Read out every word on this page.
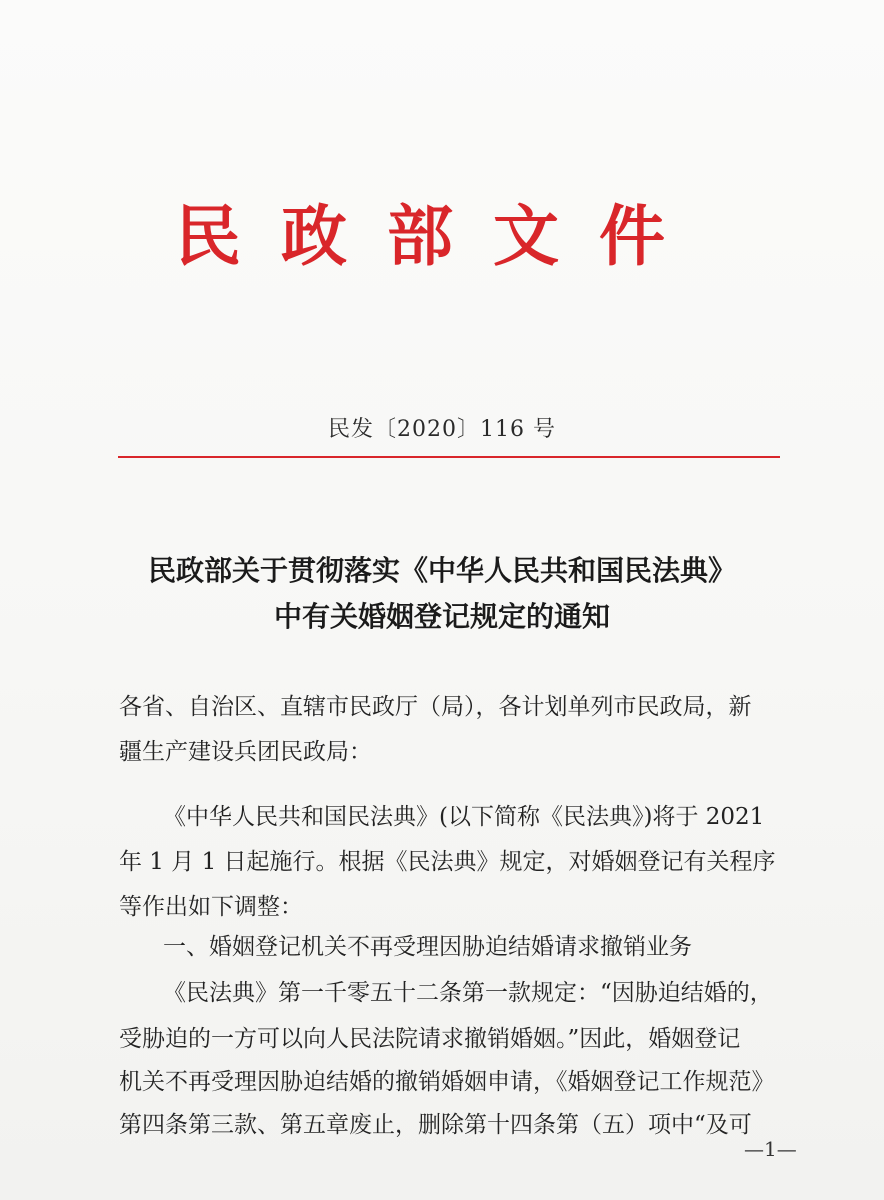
民政部文件
民发〔2020〕116 号
民政部关于贯彻落实《中华人民共和国民法典》
中有关婚姻登记规定的通知
各省、自治区、直辖市民政厅（局），各计划单列市民政局，新
疆生产建设兵团民政局：
《中华人民共和国民法典》(以下简称《民法典》)将于 2021
年 1 月 1 日起施行。根据《民法典》规定，对婚姻登记有关程序
等作出如下调整：
一、婚姻登记机关不再受理因胁迫结婚请求撤销业务
《民法典》第一千零五十二条第一款规定：“因胁迫结婚的，
受胁迫的一方可以向人民法院请求撤销婚姻。”因此，婚姻登记
机关不再受理因胁迫结婚的撤销婚姻申请，《婚姻登记工作规范》
第四条第三款、第五章废止，删除第十四条第（五）项中“及可
—1—
